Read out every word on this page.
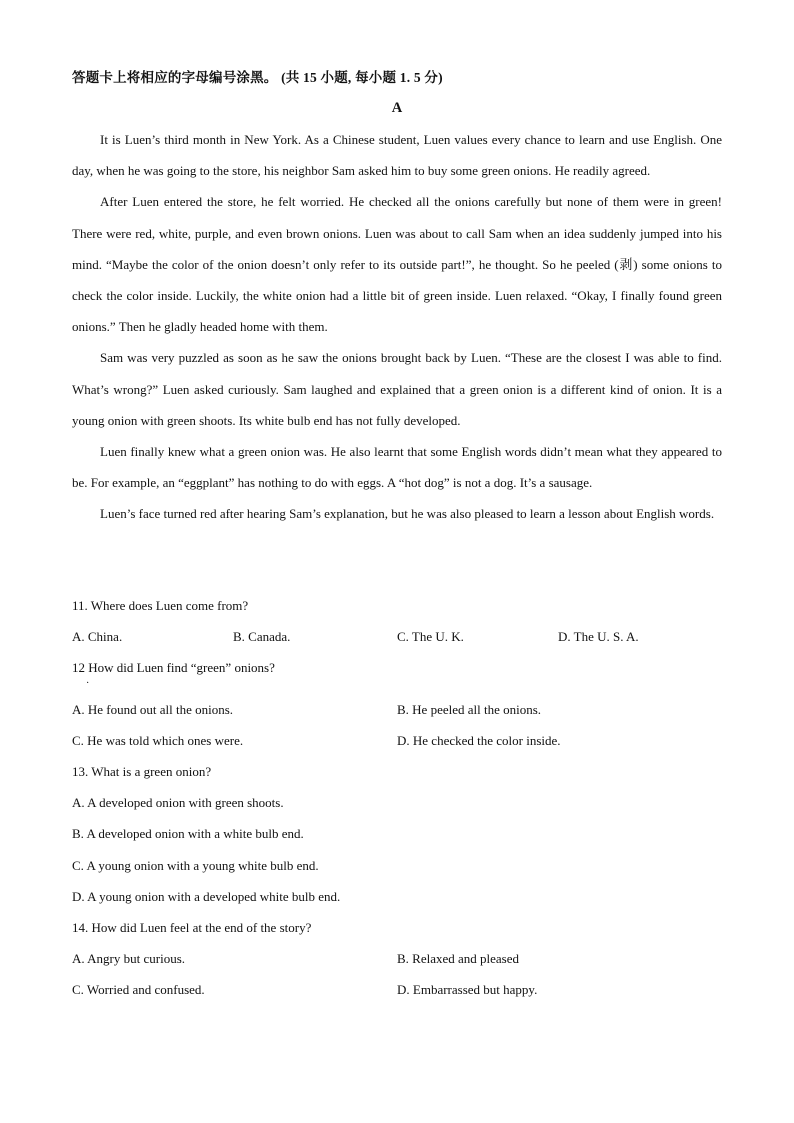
答题卡上将相应的字母编号涂黑。 (共 15 小题, 每小题 1. 5 分)
A

It is Luen’s third month in New York. As a Chinese student, Luen values every chance to learn and use English. One day, when he was going to the store, his neighbor Sam asked him to buy some green onions. He readily agreed.

After Luen entered the store, he felt worried. He checked all the onions carefully but none of them were in green! There were red, white, purple, and even brown onions. Luen was about to call Sam when an idea suddenly jumped into his mind. “Maybe the color of the onion doesn’t only refer to its outside part!”, he thought. So he peeled (剥) some onions to check the color inside. Luckily, the white onion had a little bit of green inside. Luen relaxed. “Okay, I finally found green onions.” Then he gladly headed home with them.

Sam was very puzzled as soon as he saw the onions brought back by Luen. “These are the closest I was able to find. What’s wrong?” Luen asked curiously. Sam laughed and explained that a green onion is a different kind of onion. It is a young onion with green shoots. Its white bulb end has not fully developed.

Luen finally knew what a green onion was. He also learnt that some English words didn’t mean what they appeared to be. For example, an “eggplant” has nothing to do with eggs. A “hot dog” is not a dog. It’s a sausage.

Luen’s face turned red after hearing Sam’s explanation, but he was also pleased to learn a lesson about English words.

11. Where does Luen come from?
A. China.	B. Canada.	C. The U. K.	D. The U. S. A.
12 How did Luen find “green” onions?
·
A. He found out all the onions.	B. He peeled all the onions.
C. He was told which ones were.	D. He checked the color inside.
13. What is a green onion?
A. A developed onion with green shoots.
B. A developed onion with a white bulb end.
C. A young onion with a young white bulb end.
D. A young onion with a developed white bulb end.
14. How did Luen feel at the end of the story?
A. Angry but curious.	B. Relaxed and pleased
C. Worried and confused.	D. Embarrassed but happy.
